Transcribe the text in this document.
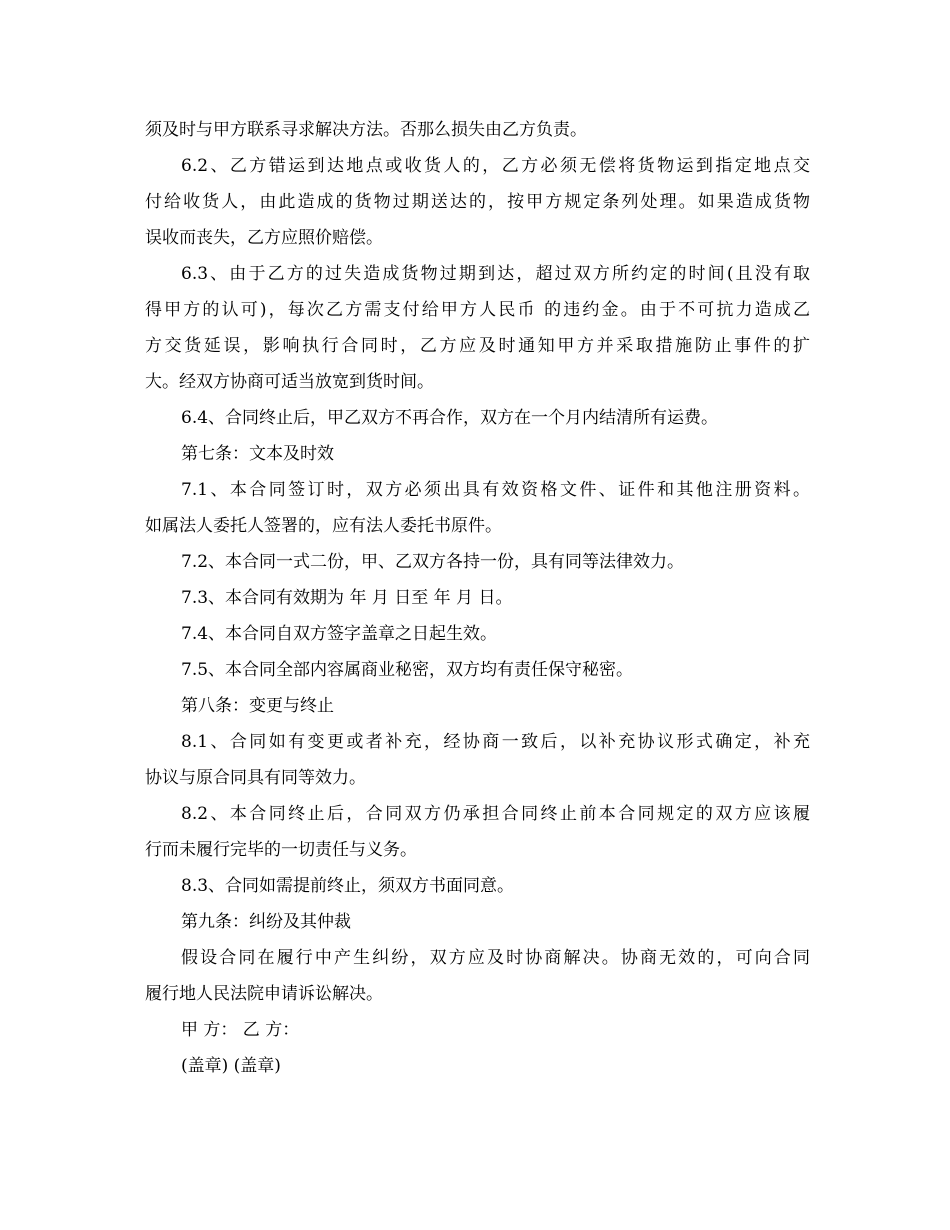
须及时与甲方联系寻求解决方法。否那么损失由乙方负责。
6.2、乙方错运到达地点或收货人的，乙方必须无偿将货物运到指定地点交
付给收货人，由此造成的货物过期送达的，按甲方规定条列处理。如果造成货物
误收而丧失，乙方应照价赔偿。
6.3、由于乙方的过失造成货物过期到达，超过双方所约定的时间(且没有取
得甲方的认可)，每次乙方需支付给甲方人民币 的违约金。由于不可抗力造成乙
方交货延误，影响执行合同时，乙方应及时通知甲方并采取措施防止事件的扩
大。经双方协商可适当放宽到货时间。
6.4、合同终止后，甲乙双方不再合作，双方在一个月内结清所有运费。
第七条：文本及时效
7.1、本合同签订时，双方必须出具有效资格文件、证件和其他注册资料。
如属法人委托人签署的，应有法人委托书原件。
7.2、本合同一式二份，甲、乙双方各持一份，具有同等法律效力。
7.3、本合同有效期为 年 月 日至 年 月 日。
7.4、本合同自双方签字盖章之日起生效。
7.5、本合同全部内容属商业秘密，双方均有责任保守秘密。
第八条：变更与终止
8.1、合同如有变更或者补充，经协商一致后，以补充协议形式确定，补充
协议与原合同具有同等效力。
8.2、本合同终止后，合同双方仍承担合同终止前本合同规定的双方应该履
行而未履行完毕的一切责任与义务。
8.3、合同如需提前终止，须双方书面同意。
第九条：纠纷及其仲裁
假设合同在履行中产生纠纷，双方应及时协商解决。协商无效的，可向合同
履行地人民法院申请诉讼解决。
甲 方： 乙 方：
(盖章) (盖章)
